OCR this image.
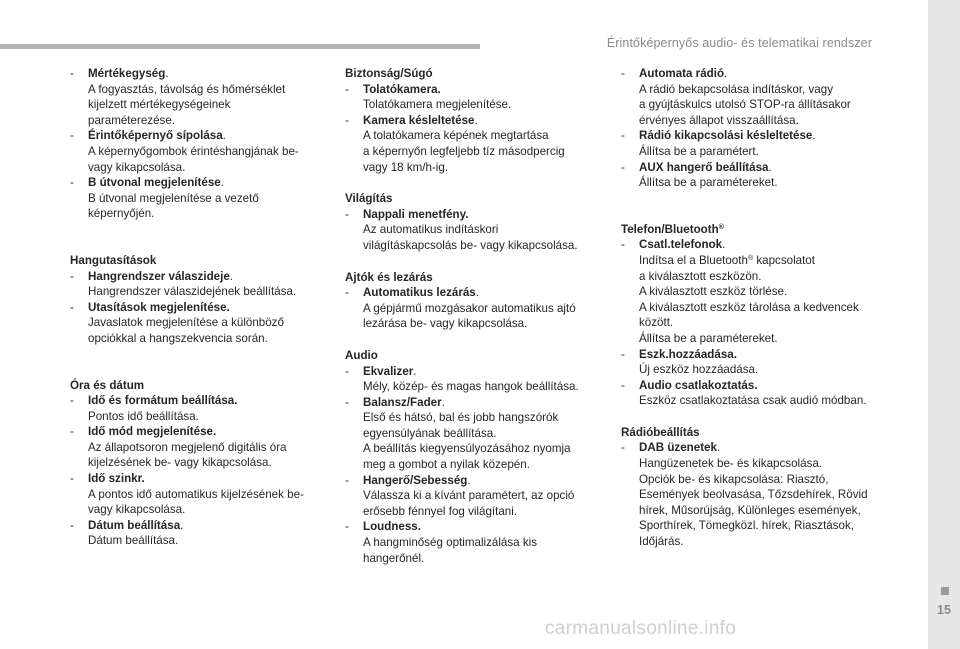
Érintőképernyős audio- és telematikai rendszer
15
carmanualsonline.info
- Mértékegység.
A fogyasztás, távolság és hőmérséklet
kijelzett mértékegységeinek
paraméterezése.
- Érintőképernyő sípolása.
A képernyőgombok érintéshangjának be-
vagy kikapcsolása.
- B útvonal megjelenítése.
B útvonal megjelenítése a vezető
képernyőjén.
Hangutasítások
- Hangrendszer válaszideje.
Hangrendszer válaszidejének beállítása.
- Utasítások megjelenítése.
Javaslatok megjelenítése a különböző
opciókkal a hangszekvencia során.
Óra és dátum
- Idő és formátum beállítása.
Pontos idő beállítása.
- Idő mód megjelenítése.
Az állapotsoron megjelenő digitális óra
kijelzésének be- vagy kikapcsolása.
- Idő szinkr.
A pontos idő automatikus kijelzésének be-
vagy kikapcsolása.
- Dátum beállítása.
Dátum beállítása.
Biztonság/Súgó
- Tolatókamera.
Tolatókamera megjelenítése.
- Kamera késleltetése.
A tolatókamera képének megtartása
a képernyőn legfeljebb tíz másodpercig
vagy 18 km/h-ig.
Világítás
- Nappali menetfény.
Az automatikus indításkori
világításkapcsolás be- vagy kikapcsolása.
Ajtók és lezárás
- Automatikus lezárás.
A gépjármű mozgásakor automatikus ajtó
lezárása be- vagy kikapcsolása.
Audio
- Ekvalizer.
Mély, közép- és magas hangok beállítása.
- Balansz/Fader.
Első és hátsó, bal és jobb hangszórók
egyensúlyának beállítása.
A beállítás kiegyensúlyozásához nyomja
meg a gombot a nyilak közepén.
- Hangerő/Sebesség.
Válassza ki a kívánt paramétert, az opció
erősebb fénnyel fog világítani.
- Loudness.
A hangminőség optimalizálása kis
hangerőnél.
- Automata rádió.
A rádió bekapcsolása indításkor, vagy
a gyújtáskulcs utolsó STOP-ra állításakor
érvényes állapot visszaállítása.
- Rádió kikapcsolási késleltetése.
Állítsa be a paramétert.
- AUX hangerő beállítása.
Állítsa be a paramétereket.
Telefon/Bluetooth®
- Csatl.telefonok.
Indítsa el a Bluetooth® kapcsolatot
a kiválasztott eszközön.
A kiválasztott eszköz törlése.
A kiválasztott eszköz tárolása a kedvencek
között.
Állítsa be a paramétereket.
- Eszk.hozzáadása.
Új eszköz hozzáadása.
- Audio csatlakoztatás.
Eszköz csatlakoztatása csak audió módban.
Rádióbeállítás
- DAB üzenetek.
Hangüzenetek be- és kikapcsolása.
Opciók be- és kikapcsolása: Riasztó,
Események beolvasása, Tőzsdehírek, Rövid
hírek, Műsorújság, Különleges események,
Sporthírek, Tömegközl. hírek, Riasztások,
Időjárás.
